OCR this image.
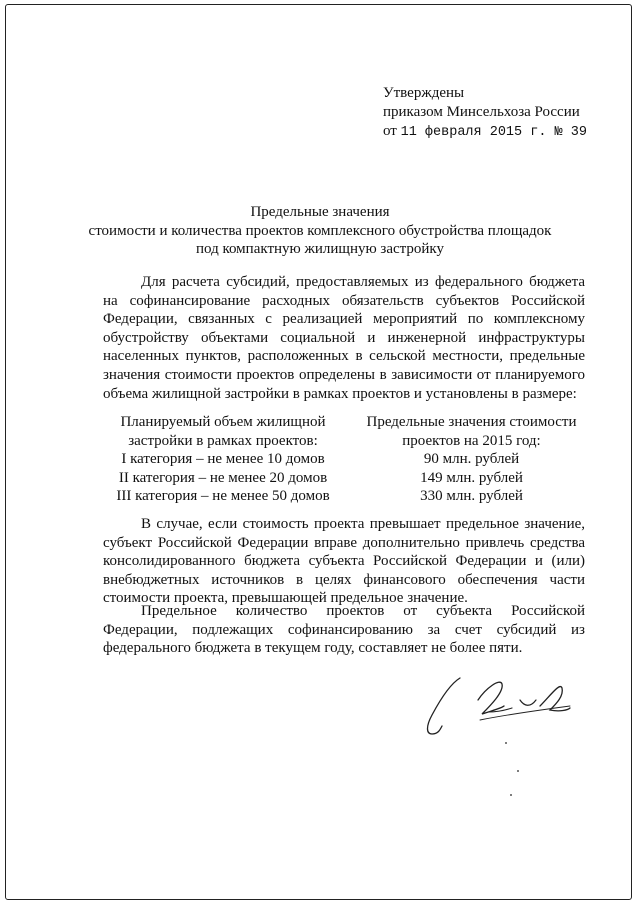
Утверждены
приказом Минсельхоза России
от 11 февраля 2015 г. № 39
Предельные значения
стоимости и количества проектов комплексного обустройства площадок
под компактную жилищную застройку
Для расчета субсидий, предоставляемых из федерального бюджета на софинансирование расходных обязательств субъектов Российской Федерации, связанных с реализацией мероприятий по комплексному обустройству объектами социальной и инженерной инфраструктуры населенных пунктов, расположенных в сельской местности, предельные значения стоимости проектов определены в зависимости от планируемого объема жилищной застройки в рамках проектов и установлены в размере:
Планируемый объем жилищной
застройки в рамках проектов:
I категория – не менее 10 домов
II категория – не менее 20 домов
III категория – не менее 50 домов
Предельные значения стоимости
проектов на 2015 год:
90 млн. рублей
149 млн. рублей
330 млн. рублей
В случае, если стоимость проекта превышает предельное значение, субъект Российской Федерации вправе дополнительно привлечь средства консолидированного бюджета субъекта Российской Федерации и (или) внебюджетных источников в целях финансового обеспечения части стоимости проекта, превышающей предельное значение.
Предельное количество проектов от субъекта Российской Федерации, подлежащих софинансированию за счет субсидий из федерального бюджета в текущем году, составляет не более пяти.
